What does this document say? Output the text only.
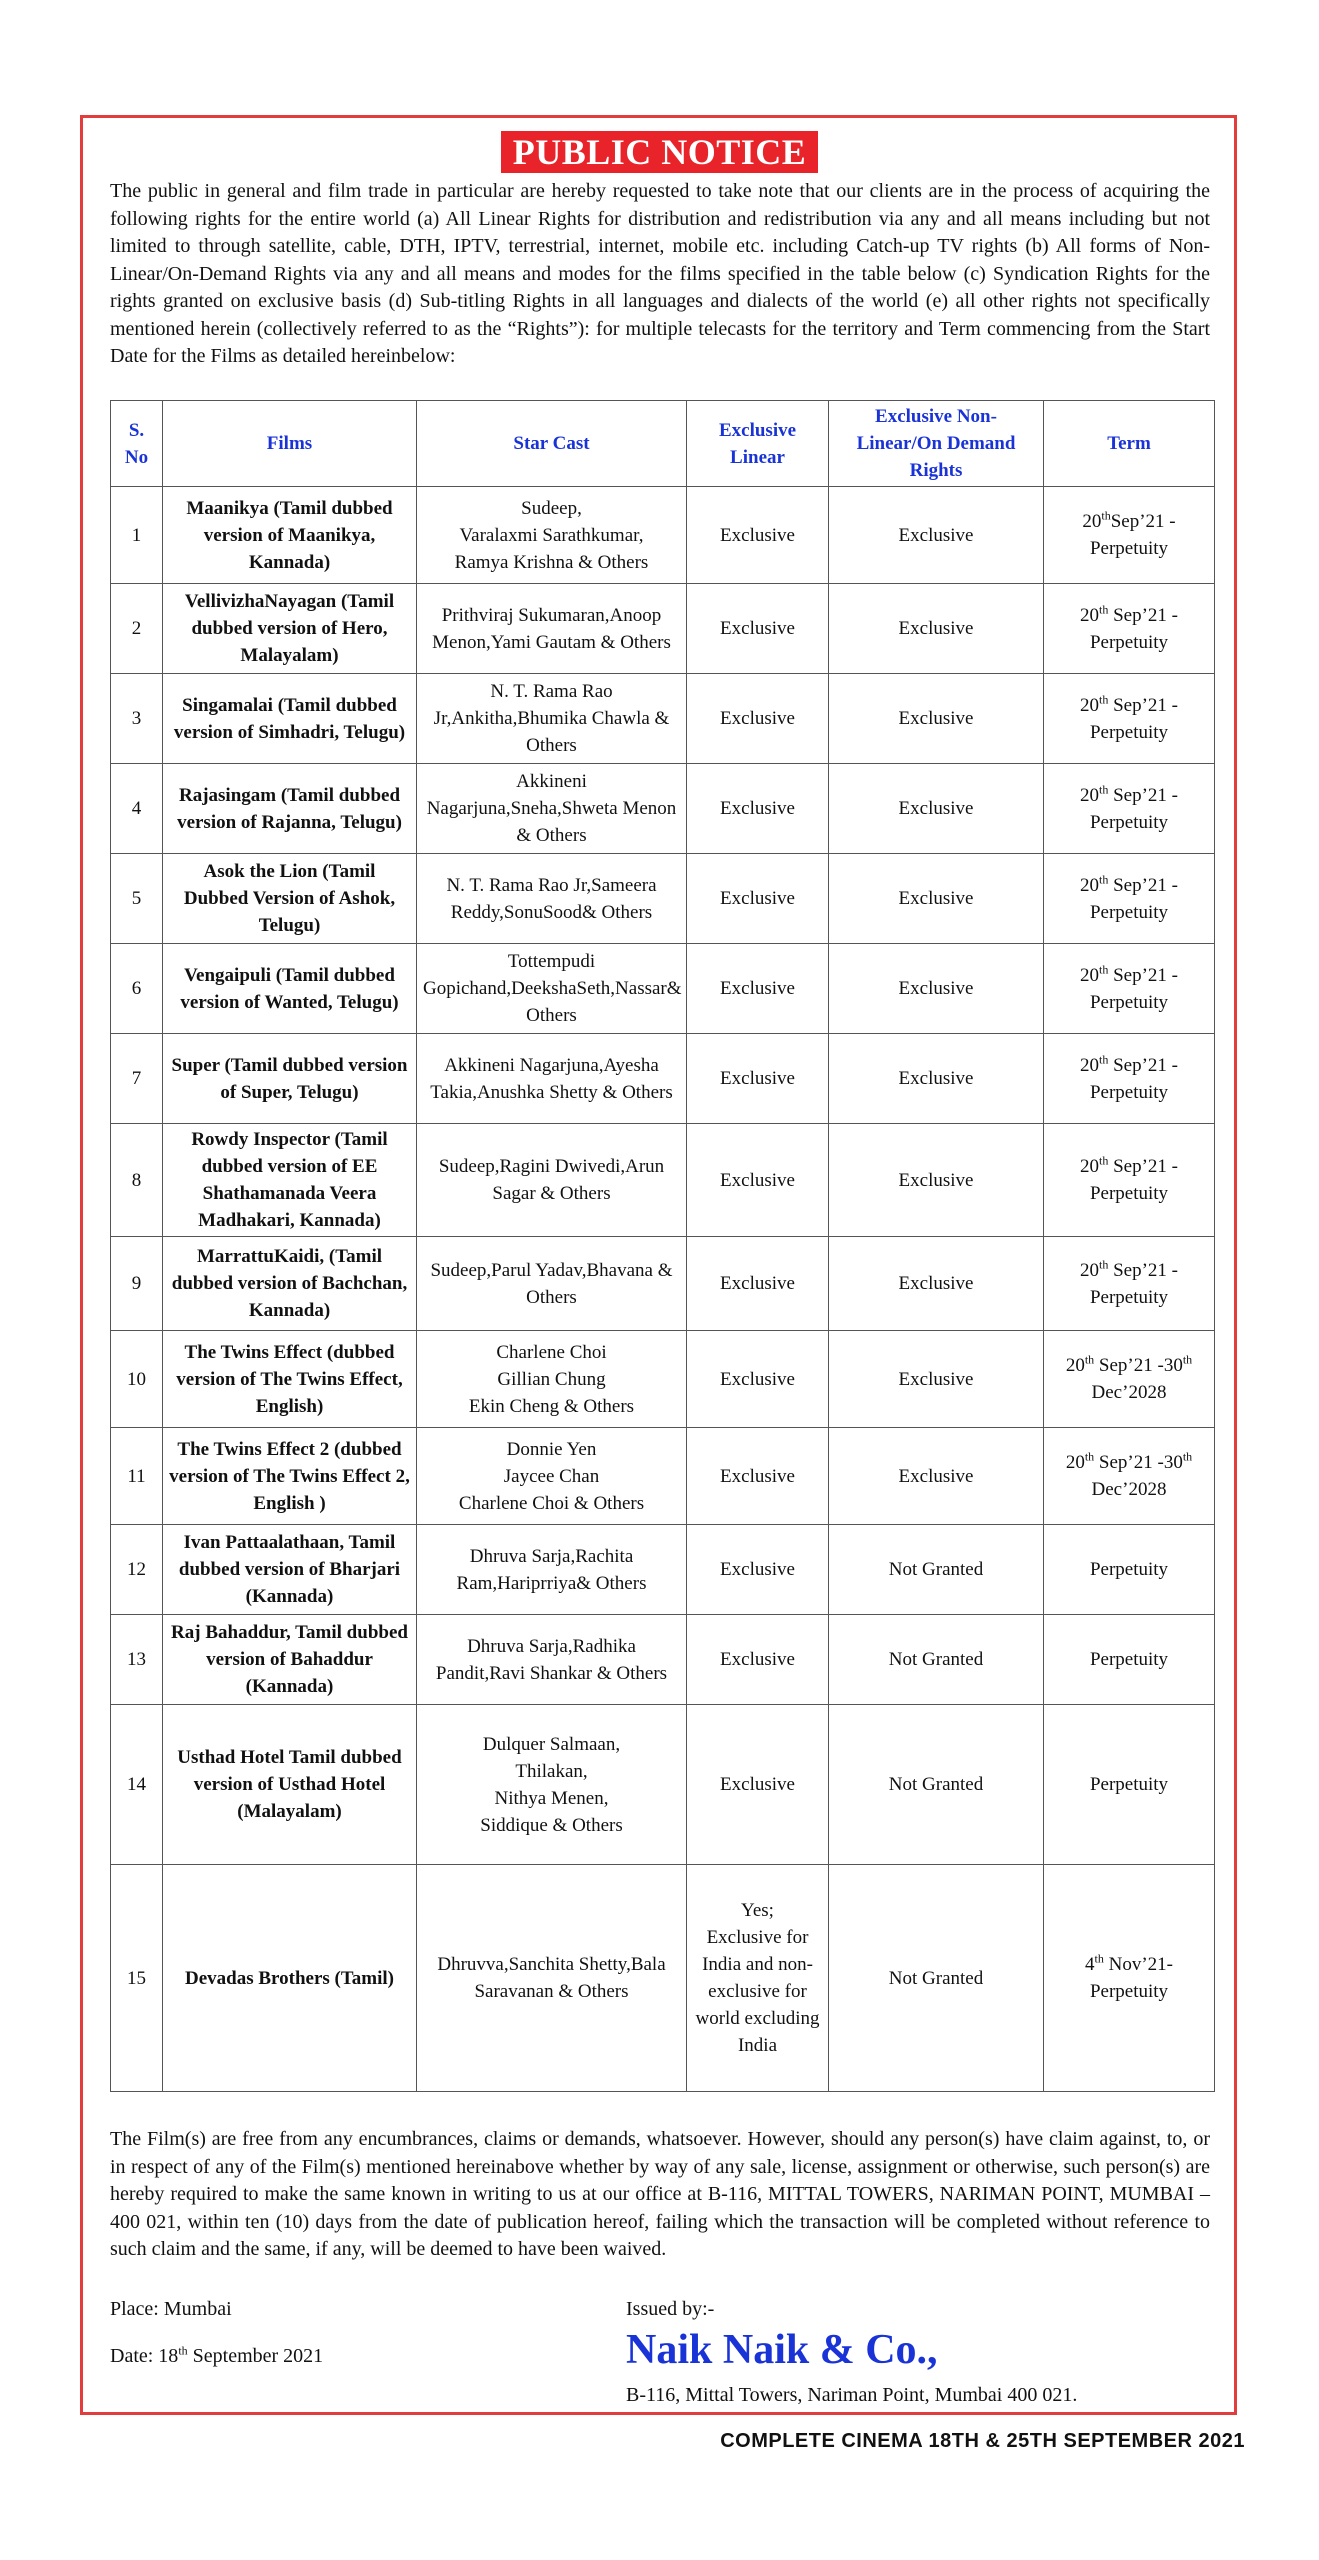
PUBLIC NOTICE
The public in general and film trade in particular are hereby requested to take note that our clients are in the process of acquiring the following rights for the entire world (a) All Linear Rights for distribution and redistribution via any and all means including but not limited to through satellite, cable, DTH, IPTV, terrestrial, internet, mobile etc. including Catch-up TV rights (b) All forms of Non-Linear/On-Demand Rights via any and all means and modes for the films specified in the table below (c) Syndication Rights for the rights granted on exclusive basis (d) Sub-titling Rights in all languages and dialects of the world (e) all other rights not specifically mentioned herein (collectively referred to as the “Rights”): for multiple telecasts for the territory and Term commencing from the Start Date for the Films as detailed hereinbelow:
S. No	Films	Star Cast	Exclusive Linear	Exclusive Non-Linear/On Demand Rights	Term
1	Maanikya (Tamil dubbed version of Maanikya, Kannada)	Sudeep,
Varalaxmi Sarathkumar,
Ramya Krishna & Others	Exclusive	Exclusive	20thSep’21 - Perpetuity
2	VellivizhaNayagan (Tamil dubbed version of Hero, Malayalam)	Prithviraj Sukumaran,Anoop Menon,Yami Gautam & Others	Exclusive	Exclusive	20th Sep’21 - Perpetuity
3	Singamalai (Tamil dubbed version of Simhadri, Telugu)	N. T. Rama Rao Jr,Ankitha,Bhumika Chawla & Others	Exclusive	Exclusive	20th Sep’21 - Perpetuity
4	Rajasingam (Tamil dubbed version of Rajanna, Telugu)	Akkineni Nagarjuna,Sneha,Shweta Menon & Others	Exclusive	Exclusive	20th Sep’21 - Perpetuity
5	Asok the Lion (Tamil Dubbed Version of Ashok, Telugu)	N. T. Rama Rao Jr,Sameera Reddy,SonuSood& Others	Exclusive	Exclusive	20th Sep’21 - Perpetuity
6	Vengaipuli (Tamil dubbed version of Wanted, Telugu)	Tottempudi Gopichand,DeekshaSeth,Nassar& Others	Exclusive	Exclusive	20th Sep’21 - Perpetuity
7	Super (Tamil dubbed version of Super, Telugu)	Akkineni Nagarjuna,Ayesha Takia,Anushka Shetty & Others	Exclusive	Exclusive	20th Sep’21 - Perpetuity
8	Rowdy Inspector (Tamil dubbed version of EE Shathamanada Veera Madhakari, Kannada)	Sudeep,Ragini Dwivedi,Arun Sagar & Others	Exclusive	Exclusive	20th Sep’21 - Perpetuity
9	MarrattuKaidi, (Tamil dubbed version of Bachchan, Kannada)	Sudeep,Parul Yadav,Bhavana & Others	Exclusive	Exclusive	20th Sep’21 - Perpetuity
10	The Twins Effect (dubbed version of The Twins Effect, English)	Charlene Choi
Gillian Chung
Ekin Cheng & Others	Exclusive	Exclusive	20th Sep’21 -30th Dec’2028
11	The Twins Effect 2 (dubbed version of The Twins Effect 2, English )	Donnie Yen
Jaycee Chan
Charlene Choi & Others	Exclusive	Exclusive	20th Sep’21 -30th Dec’2028
12	Ivan Pattaalathaan, Tamil dubbed version of Bharjari (Kannada)	Dhruva Sarja,Rachita Ram,Hariprriya& Others	Exclusive	Not Granted	Perpetuity
13	Raj Bahaddur, Tamil dubbed version of Bahaddur (Kannada)	Dhruva Sarja,Radhika Pandit,Ravi Shankar & Others	Exclusive	Not Granted	Perpetuity
14	Usthad Hotel Tamil dubbed version of Usthad Hotel (Malayalam)	Dulquer Salmaan,
Thilakan,
Nithya Menen,
Siddique & Others	Exclusive	Not Granted	Perpetuity
15	Devadas Brothers (Tamil)	Dhruvva,Sanchita Shetty,Bala Saravanan & Others	Yes;
Exclusive for India and non-exclusive for world excluding India	Not Granted	4th Nov’21- Perpetuity
The Film(s) are free from any encumbrances, claims or demands, whatsoever. However, should any person(s) have claim against, to, or in respect of any of the Film(s) mentioned hereinabove whether by way of any sale, license, assignment or otherwise, such person(s) are hereby required to make the same known in writing to us at our office at B-116, MITTAL TOWERS, NARIMAN POINT, MUMBAI – 400 021, within ten (10) days from the date of publication hereof, failing which the transaction will be completed without reference to such claim and the same, if any, will be deemed to have been waived.
Place: Mumbai
Date: 18th September 2021
Issued by:-
Naik Naik & Co.,
B-116, Mittal Towers, Nariman Point, Mumbai 400 021.
COMPLETE CINEMA 18TH & 25TH SEPTEMBER 2021
